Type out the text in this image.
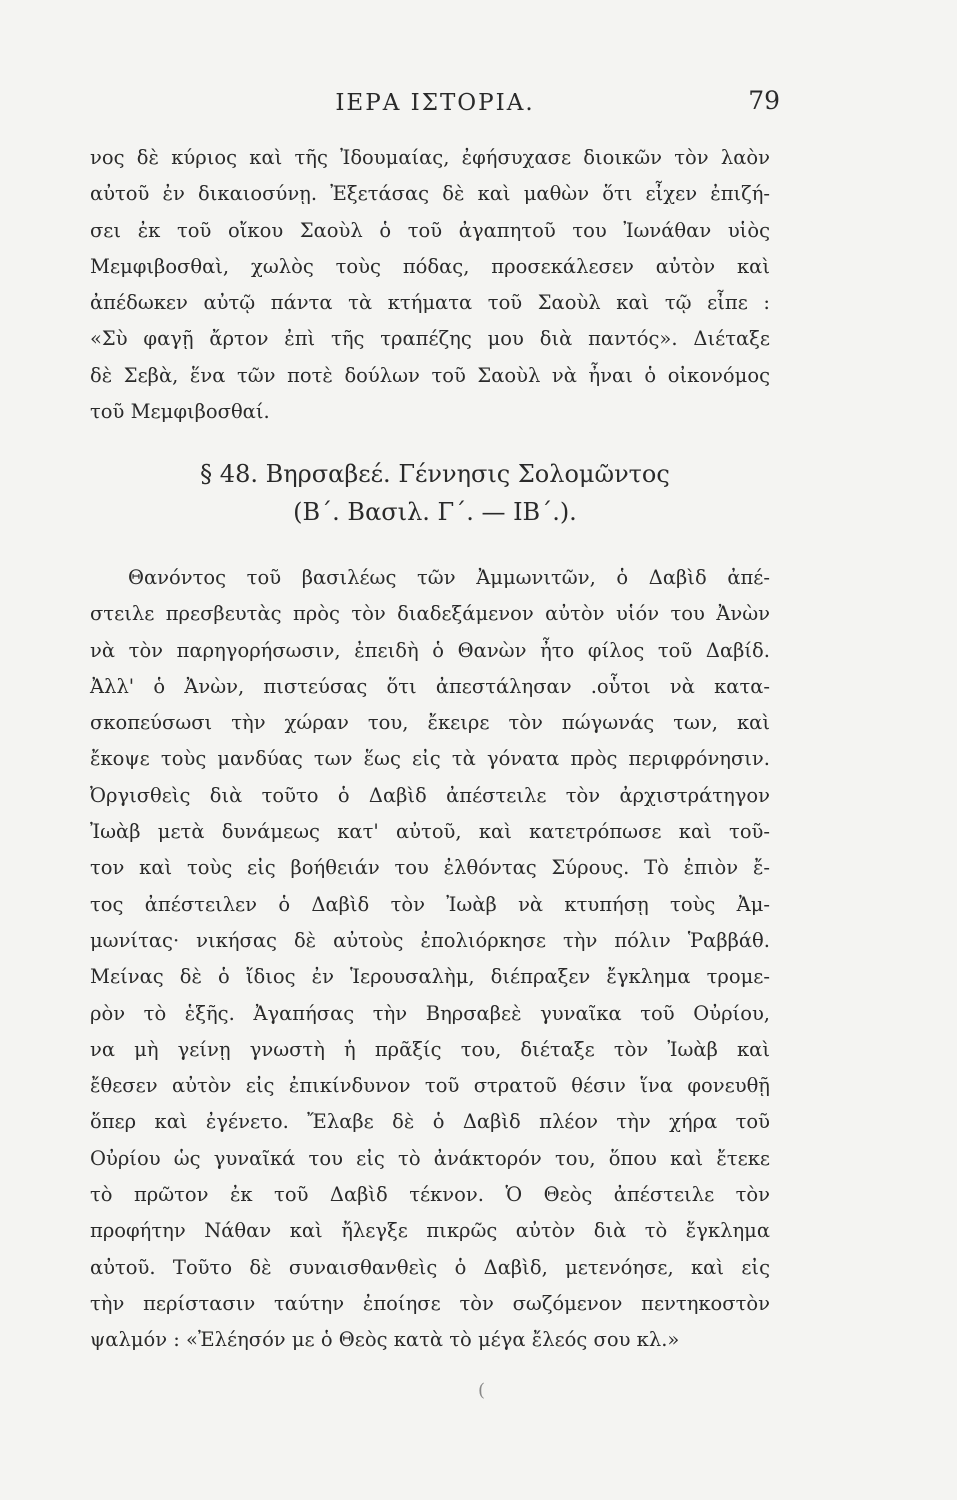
ΙΕΡΑ ΙΣΤΟΡΙΑ.	79
νος δὲ κύριος καὶ τῆς Ἰδουμαίας, ἐφήσυχασε διοικῶν τὸν λαὸν
αὐτοῦ ἐν δικαιοσύνῃ. Ἐξετάσας δὲ καὶ μαθὼν ὅτι εἶχεν ἐπιζή-
σει ἐκ τοῦ οἴκου Σαοὺλ ὁ τοῦ ἀγαπητοῦ του Ἰωνάθαν υἱὸς
Μεμφιβοσθαὶ, χωλὸς τοὺς πόδας, προσεκάλεσεν αὐτὸν καὶ
ἀπέδωκεν αὐτῷ πάντα τὰ κτήματα τοῦ Σαοὺλ καὶ τῷ εἶπε :
«Σὺ φαγῇ ἄρτον ἐπὶ τῆς τραπέζης μου διὰ παντός». Διέταξε
δὲ Σεβὰ, ἕνα τῶν ποτὲ δούλων τοῦ Σαοὺλ νὰ ἦναι ὁ οἰκονόμος
τοῦ Μεμφιβοσθαί.
§ 48. Βηρσαβεέ. Γέννησις Σολομῶντος
(Β΄. Βασιλ. Γ΄. — ΙΒ΄.).
Θανόντος τοῦ βασιλέως τῶν Ἀμμωνιτῶν, ὁ Δαβὶδ ἀπέ-
στειλε πρεσβευτὰς πρὸς τὸν διαδεξάμενον αὐτὸν υἱόν του Ἀνὼν
νὰ τὸν παρηγορήσωσιν, ἐπειδὴ ὁ Θανὼν ἦτο φίλος τοῦ Δαβίδ.
Ἀλλ' ὁ Ἀνὼν, πιστεύσας ὅτι ἀπεστάλησαν .οὗτοι νὰ κατα-
σκοπεύσωσι τὴν χώραν του, ἔκειρε τὸν πώγωνάς των, καὶ
ἔκοψε τοὺς μανδύας των ἕως εἰς τὰ γόνατα πρὸς περιφρόνησιν.
Ὀργισθεὶς διὰ τοῦτο ὁ Δαβὶδ ἀπέστειλε τὸν ἀρχιστράτηγον
Ἰωὰβ μετὰ δυνάμεως κατ' αὐτοῦ, καὶ κατετρόπωσε καὶ τοῦ-
τον καὶ τοὺς εἰς βοήθειάν του ἐλθόντας Σύρους. Τὸ ἐπιὸν ἔ-
τος ἀπέστειλεν ὁ Δαβὶδ τὸν Ἰωὰβ νὰ κτυπήσῃ τοὺς Ἀμ-
μωνίτας· νικήσας δὲ αὐτοὺς ἐπολιόρκησε τὴν πόλιν Ῥαββάθ.
Μείνας δὲ ὁ ἴδιος ἐν Ἱερουσαλὴμ, διέπραξεν ἔγκλημα τρομε-
ρὸν τὸ ἑξῆς. Ἀγαπήσας τὴν Βηρσαβεὲ γυναῖκα τοῦ Οὐρίου,
να μὴ γείνῃ γνωστὴ ἡ πρᾶξίς του, διέταξε τὸν Ἰωὰβ καὶ
ἔθεσεν αὐτὸν εἰς ἐπικίνδυνον τοῦ στρατοῦ θέσιν ἵνα φονευθῇ
ὅπερ καὶ ἐγένετο. Ἔλαβε δὲ ὁ Δαβὶδ πλέον τὴν χήρα τοῦ
Οὐρίου ὡς γυναῖκά του εἰς τὸ ἀνάκτορόν του, ὅπου καὶ ἔτεκε
τὸ πρῶτον ἐκ τοῦ Δαβὶδ τέκνον. Ὁ Θεὸς ἀπέστειλε τὸν
προφήτην Νάθαν καὶ ἤλεγξε πικρῶς αὐτὸν διὰ τὸ ἔγκλημα
αὐτοῦ. Τοῦτο δὲ συναισθανθεὶς ὁ Δαβὶδ, μετενόησε, καὶ εἰς
τὴν περίστασιν ταύτην ἐποίησε τὸν σωζόμενον πεντηκοστὸν
ψαλμόν : «Ἐλέησόν με ὁ Θεὸς κατὰ τὸ μέγα ἔλεός σου κλ.»
(
